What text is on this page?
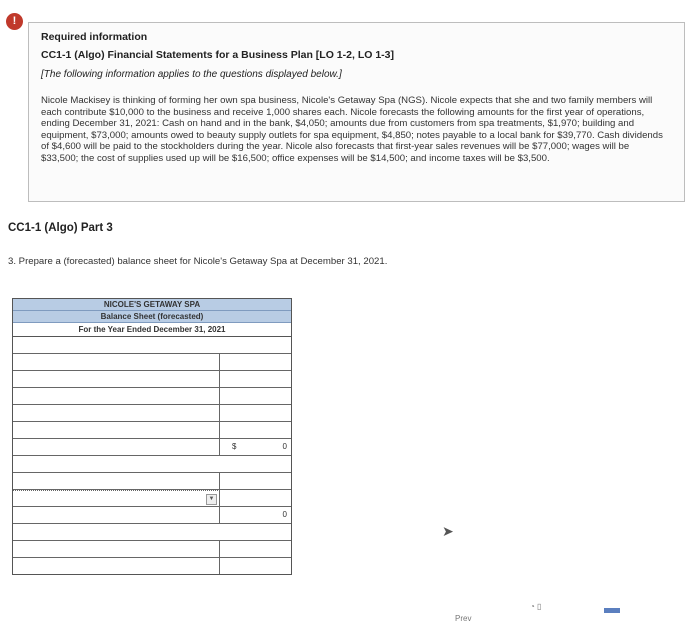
!
Required information
CC1-1 (Algo) Financial Statements for a Business Plan [LO 1-2, LO 1-3]
[The following information applies to the questions displayed below.]
Nicole Mackisey is thinking of forming her own spa business, Nicole's Getaway Spa (NGS). Nicole expects that she and two family members will each contribute $10,000 to the business and receive 1,000 shares each. Nicole forecasts the following amounts for the first year of operations, ending December 31, 2021: Cash on hand and in the bank, $4,050; amounts due from customers from spa treatments, $1,970; building and equipment, $73,000; amounts owed to beauty supply outlets for spa equipment, $4,850; notes payable to a local bank for $39,770. Cash dividends of $4,600 will be paid to the stockholders during the year. Nicole also forecasts that first-year sales revenues will be $77,000; wages will be $33,500; the cost of supplies used up will be $16,500; office expenses will be $14,500; and income taxes will be $3,500.
CC1-1 (Algo) Part 3
3. Prepare a (forecasted) balance sheet for Nicole's Getaway Spa at December 31, 2021.
NICOLE'S GETAWAY SPA
Balance Sheet (forecasted)
For the Year Ended December 31, 2021
$	0
▼
0
➤
Prev
◔ ▯
